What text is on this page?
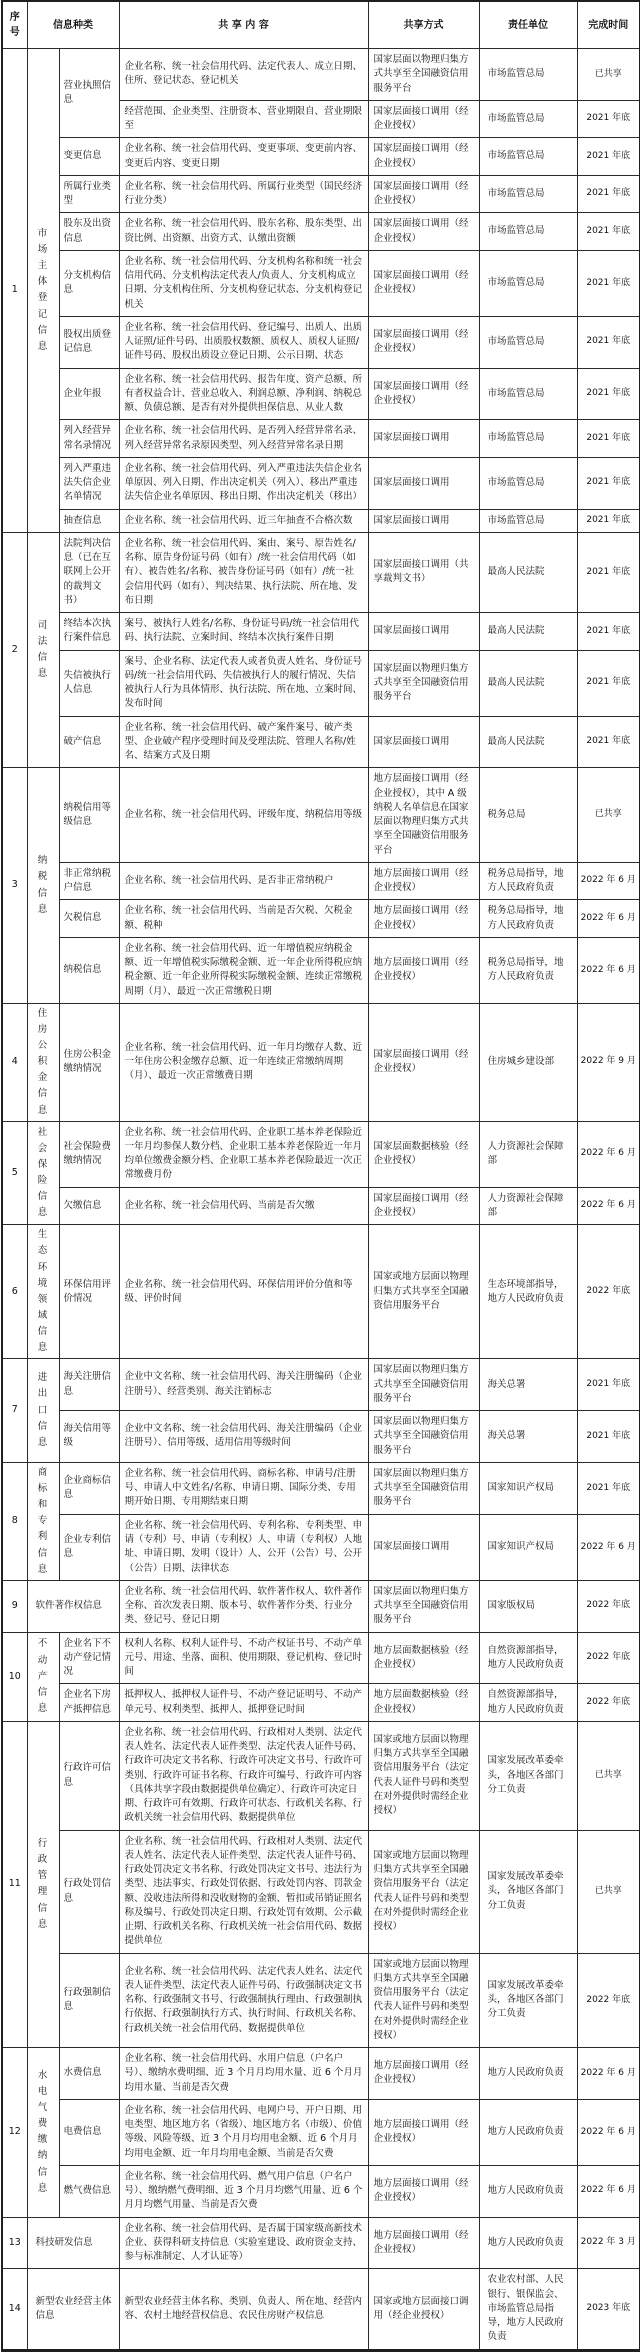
序号	信息种类		共 享 内 容	共享方式	责任单位	完成时间
1	市场主体登记信息	营业执照信息	企业名称、统一社会信用代码、法定代表人、成立日期、住所、登记状态、登记机关	国家层面以物理归集方式共享至全国融资信用服务平台	市场监管总局	已共享
			经营范围、企业类型、注册资本、营业期限自、营业期限至	国家层面接口调用（经企业授权）	市场监管总局	2021 年底
		变更信息	企业名称、统一社会信用代码、变更事项、变更前内容、变更后内容、变更日期	国家层面接口调用（经企业授权）	市场监管总局	2021 年底
		所属行业类型	企业名称、统一社会信用代码、所属行业类型（国民经济行业分类）	国家层面接口调用（经企业授权）	市场监管总局	2021 年底
		股东及出资信息	企业名称、统一社会信用代码、股东名称、股东类型、出资比例、出资额、出资方式、认缴出资额	国家层面接口调用（经企业授权）	市场监管总局	2021 年底
		分支机构信息	企业名称、统一社会信用代码、分支机构名称和统一社会信用代码、分支机构法定代表人/负责人、分支机构成立日期、分支机构住所、分支机构登记状态、分支机构登记机关	国家层面接口调用（经企业授权）	市场监管总局	2021 年底
		股权出质登记信息	企业名称、统一社会信用代码、登记编号、出质人、出质人证照/证件号码、出质股权数额、质权人、质权人证照/证件号码、股权出质设立登记日期、公示日期、状态	国家层面接口调用（经企业授权）	市场监管总局	2021 年底
		企业年报	企业名称、统一社会信用代码、报告年度、资产总额、所有者权益合计、营业总收入、利润总额、净利润、纳税总额、负债总额、是否有对外提供担保信息、从业人数	国家层面接口调用（经企业授权）	市场监管总局	2021 年底
		列入经营异常名录情况	企业名称、统一社会信用代码、是否列入经营异常名录、列入经营异常名录原因类型、列入经营异常名录日期	国家层面接口调用	市场监管总局	2021 年底
		列入严重违法失信企业名单情况	企业名称、统一社会信用代码、列入严重违法失信企业名单原因、列入日期、作出决定机关（列入）、移出严重违法失信企业名单原因、移出日期、作出决定机关（移出）	国家层面接口调用	市场监管总局	2021 年底
		抽查信息	企业名称、统一社会信用代码、近三年抽查不合格次数	国家层面接口调用	市场监管总局	2021 年底
2	司法信息	法院判决信息（已在互联网上公开的裁判文书）	企业名称、统一社会信用代码、案由、案号、原告姓名/名称、原告身份证号码（如有）/统一社会信用代码（如有）、被告姓名/名称、被告身份证号码（如有）/统一社会信用代码（如有）、判决结果、执行法院、所在地、发布日期	国家层面接口调用（共享裁判文书）	最高人民法院	2021 年底
		终结本次执行案件信息	案号、被执行人姓名/名称、身份证号码/统一社会信用代码、执行法院、立案时间、终结本次执行案件日期	国家层面接口调用	最高人民法院	2021 年底
		失信被执行人信息	案号、企业名称、法定代表人或者负责人姓名、身份证号码/统一社会信用代码、失信被执行人的履行情况、失信被执行人行为具体情形、执行法院、所在地、立案时间、发布时间	国家层面以物理归集方式共享至全国融资信用服务平台	最高人民法院	2021 年底
		破产信息	企业名称、统一社会信用代码、破产案件案号、破产类型、企业破产程序受理时间及受理法院、管理人名称/姓名、结案方式及日期	国家层面接口调用	最高人民法院	2021 年底
3	纳税信息	纳税信用等级信息	企业名称、统一社会信用代码、评级年度、纳税信用等级	地方层面接口调用（经企业授权），其中 A 级纳税人名单信息在国家层面以物理归集方式共享至全国融资信用服务平台	税务总局	已共享
		非正常纳税户信息	企业名称、统一社会信用代码、是否非正常纳税户	地方层面接口调用（经企业授权）	税务总局指导，地方人民政府负责	2022 年 6 月
		欠税信息	企业名称、统一社会信用代码、当前是否欠税、欠税金额、税种	地方层面接口调用（经企业授权）	税务总局指导，地方人民政府负责	2022 年 6 月
		纳税信息	企业名称、统一社会信用代码、近一年增值税应纳税金额、近一年增值税实际缴税金额、近一年企业所得税应纳税金额、近一年企业所得税实际缴税金额、连续正常缴税周期（月）、最近一次正常缴税日期	地方层面接口调用（经企业授权）	税务总局指导，地方人民政府负责	2022 年 6 月
4	住房公积金信息	住房公积金缴纳情况	企业名称、统一社会信用代码、近一年月均缴存人数、近一年住房公积金缴存总额、近一年连续正常缴纳周期（月）、最近一次正常缴费日期	国家层面接口调用（经企业授权）	住房城乡建设部	2022 年 9 月
5	社会保险信息	社会保险费缴纳情况	企业名称、统一社会信用代码、企业职工基本养老保险近一年月均参保人数分档、企业职工基本养老保险近一年月均单位缴费金额分档、企业职工基本养老保险最近一次正常缴费月份	国家层面数据核验（经企业授权）	人力资源社会保障部	2022 年 6 月
		欠缴信息	企业名称、统一社会信用代码、当前是否欠缴	国家层面接口调用（经企业授权）	人力资源社会保障部	2022 年 6 月
6	生态环境领域信息	环保信用评价情况	企业名称、统一社会信用代码、环保信用评价分值和等级、评价时间	国家或地方层面以物理归集方式共享至全国融资信用服务平台	生态环境部指导，地方人民政府负责	2022 年底
7	进出口信息	海关注册信息	企业中文名称、统一社会信用代码、海关注册编码（企业注册号）、经营类别、海关注销标志	国家层面以物理归集方式共享至全国融资信用服务平台	海关总署	2021 年底
		海关信用等级	企业中文名称、统一社会信用代码、海关注册编码（企业注册号）、信用等级、适用信用等级时间	国家层面以物理归集方式共享至全国融资信用服务平台	海关总署	2021 年底
8	商标和专利信息	企业商标信息	企业名称、统一社会信用代码、商标名称、申请号/注册号、申请人中文姓名/名称、申请日期、国际分类、专用期开始日期、专用期结束日期	国家层面以物理归集方式共享至全国融资信用服务平台	国家知识产权局	2021 年底
		企业专利信息	企业名称、统一社会信用代码、专利名称、专利类型、申请（专利）号、申请（专利权）人、申请（专利权）人地址、申请日期、发明（设计）人、公开（公告）号、公开（公告）日期、法律状态	国家层面接口调用	国家知识产权局	2022 年 6 月
9	软件著作权信息		企业名称、统一社会信用代码、软件著作权人、软件著作全称、首次发表日期、版本号、软件著作分类、行业分类、登记号、登记日期	国家层面以物理归集方式共享至全国融资信用服务平台	国家版权局	2022 年底
10	不动产信息	企业名下不动产登记情况	权利人名称、权利人证件号、不动产权证书号、不动产单元号、用途、坐落、面积、使用期限、登记机构、登记时间	地方层面数据核验（经企业授权）	自然资源部指导，地方人民政府负责	2022 年底
		企业名下房产抵押信息	抵押权人、抵押权人证件号、不动产登记证明号、不动产单元号、权利类型、抵押人、抵押登记时间	地方层面数据核验（经企业授权）	自然资源部指导，地方人民政府负责	2022 年底
11	行政管理信息	行政许可信息	企业名称、统一社会信用代码、行政相对人类别、法定代表人姓名、法定代表人证件类型、法定代表人证件号码、行政许可决定文书名称、行政许可决定文书号、行政许可类别、行政许可证书名称、行政许可编号、行政许可内容（具体共享字段由数据提供单位确定）、行政许可决定日期、行政许可有效期、行政许可状态、行政机关名称、行政机关统一社会信用代码、数据提供单位	国家或地方层面以物理归集方式共享至全国融资信用服务平台（法定代表人证件号码和类型在对外提供时需经企业授权）	国家发展改革委牵头，各地区各部门分工负责	已共享
		行政处罚信息	企业名称、统一社会信用代码、行政相对人类别、法定代表人姓名、法定代表人证件类型、法定代表人证件号码、行政处罚决定文书名称、行政处罚决定文书号、违法行为类型、违法事实、行政处罚依据、行政处罚内容、罚款金额、没收违法所得和没收财物的金额、暂扣或吊销证照名称及编号、行政处罚决定日期、行政处罚有效期、公示截止期、行政机关名称、行政机关统一社会信用代码、数据提供单位	国家或地方层面以物理归集方式共享至全国融资信用服务平台（法定代表人证件号码和类型在对外提供时需经企业授权）	国家发展改革委牵头，各地区各部门分工负责	已共享
		行政强制信息	企业名称、统一社会信用代码、法定代表人姓名、法定代表人证件类型、法定代表人证件号码、行政强制决定文书名称、行政强制文书号、行政强制执行理由、行政强制执行依据、行政强制执行方式、执行时间、行政机关名称、行政机关统一社会信用代码、数据提供单位	国家或地方层面以物理归集方式共享至全国融资信用服务平台（法定代表人证件号码和类型在对外提供时需经企业授权）	国家发展改革委牵头，各地区各部门分工负责	2022 年底
12	水电气费缴纳信息	水费信息	企业名称、统一社会信用代码、水用户信息（户名户号）、缴纳水费明细、近 3 个月月均用水量、近 6 个月月均用水量、当前是否欠费	地方层面接口调用（经企业授权）	地方人民政府负责	2022 年 6 月
		电费信息	企业名称、统一社会信用代码、电网户号、开户日期、用电类型、地区地方名（省级）、地区地方名（市级）、价值等级、风险等级、近 3 个月月均用电金额、近 6 个月月均用电金额、近一年月均用电金额、当前是否欠费	地方层面接口调用（经企业授权）	地方人民政府负责	2022 年 6 月
		燃气费信息	企业名称、统一社会信用代码、燃气用户信息（户名户号）、缴纳燃气费明细、近 3 个月月均燃气用量、近 6 个月月均燃气用量、当前是否欠费	地方层面接口调用（经企业授权）	地方人民政府负责	2022 年 6 月
13	科技研发信息		企业名称、统一社会信用代码、是否属于国家级高新技术企业、获得科研支持信息（实验室建设、政府资金支持、参与标准制定、人才认证等）	地方层面接口调用（经企业授权）	地方人民政府负责	2022 年 3 月
14	新型农业经营主体信息		新型农业经营主体名称、类别、负责人、所在地、经营内容、农村土地经营权信息、农民住房财产权信息	国家或地方层面接口调用（经企业授权）	农业农村部、人民银行、银保监会、市场监管总局指导，地方人民政府负责	2023 年底
